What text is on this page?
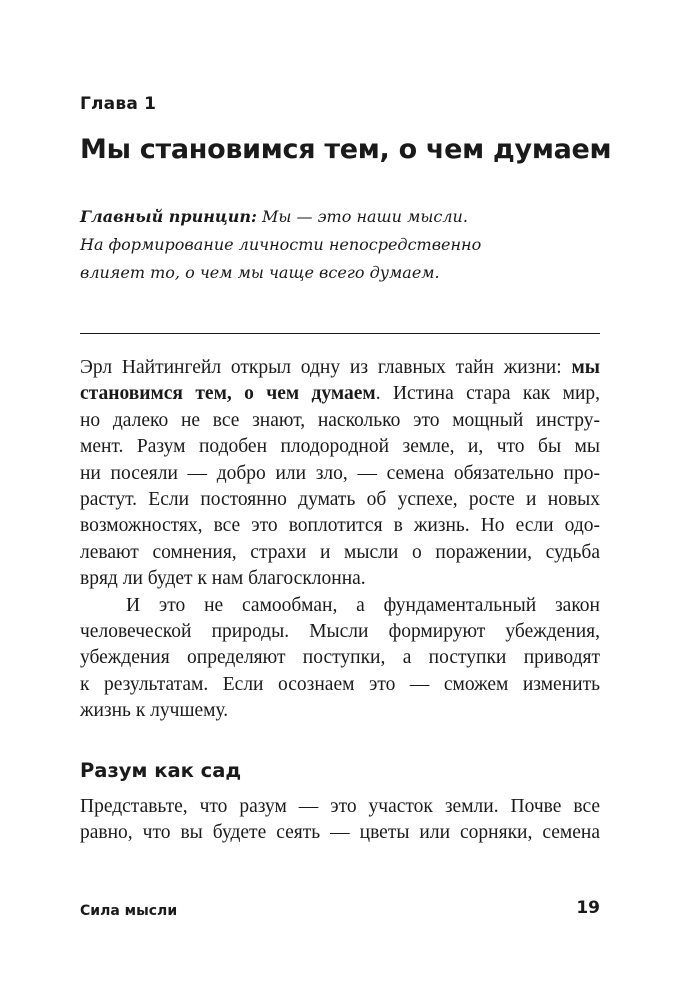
Глава 1
Мы становимся тем, о чем думаем
Главный принцип: Мы — это наши мысли.
На формирование личности непосредственно
влияет то, о чем мы чаще всего думаем.
Эрл Найтингейл открыл одну из главных тайн жизни: мы
становимся тем, о чем думаем. Истина стара как мир,
но далеко не все знают, насколько это мощный инстру-
мент. Разум подобен плодородной земле, и, что бы мы
ни посеяли — добро или зло, — семена обязательно про-
растут. Если постоянно думать об успехе, росте и новых
возможностях, все это воплотится в жизнь. Но если одо-
левают сомнения, страхи и мысли о поражении, судьба
вряд ли будет к нам благосклонна.
И это не самообман, а фундаментальный закон
человеческой природы. Мысли формируют убеждения,
убеждения определяют поступки, а поступки приводят
к результатам. Если осознаем это — сможем изменить
жизнь к лучшему.
Разум как сад
Представьте, что разум — это участок земли. Почве все
равно, что вы будете сеять — цветы или сорняки, семена
Сила мысли	19
